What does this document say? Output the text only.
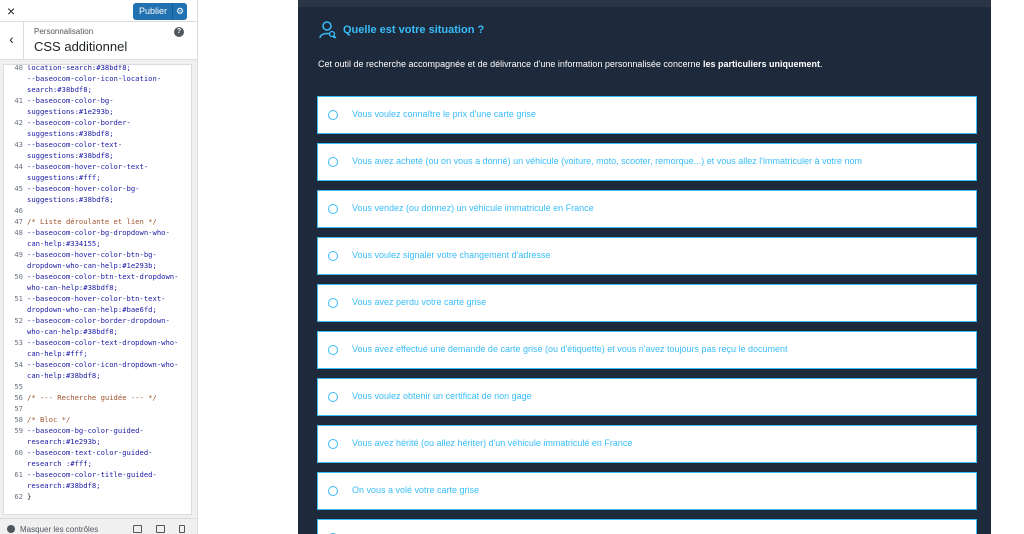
×	Publier ⚙
‹	Personnalisation
CSS additionnel
?
40 location-search:#38bdf8;
--baseocom-color-icon-location-
search:#38bdf8;
41 --baseocom-color-bg-
suggestions:#1e293b;
42 --baseocom-color-border-
suggestions:#38bdf8;
43 --baseocom-color-text-
suggestions:#38bdf8;
44 --baseocom-hover-color-text-
suggestions:#fff;
45 --baseocom-hover-color-bg-
suggestions:#38bdf8;
46
47 /* Liste déroulante et lien */
48 --baseocom-color-bg-dropdown-who-
can-help:#334155;
49 --baseocom-hover-color-btn-bg-
dropdown-who-can-help:#1e293b;
50 --baseocom-color-btn-text-dropdown-
who-can-help:#38bdf8;
51 --baseocom-hover-color-btn-text-
dropdown-who-can-help:#bae6fd;
52 --baseocom-color-border-dropdown-
who-can-help:#38bdf8;
53 --baseocom-color-text-dropdown-who-
can-help:#fff;
54 --baseocom-color-icon-dropdown-who-
can-help:#38bdf8;
55
56 /* --- Recherche guidée --- */
57
58 /* Bloc */
59 --baseocom-bg-color-guided-
research:#1e293b;
60 --baseocom-text-color-guided-
research :#fff;
61 --baseocom-color-title-guided-
research:#38bdf8;
62 }
Masquer les contrôles
Quelle est votre situation ?
Cet outil de recherche accompagnée et de délivrance d'une information personnalisée concerne les particuliers uniquement.
Vous voulez connaître le prix d'une carte grise
Vous avez acheté (ou on vous a donné) un véhicule (voiture, moto, scooter, remorque...) et vous allez l'immatriculer à votre nom
Vous vendez (ou donnez) un véhicule immatriculé en France
Vous voulez signaler votre changement d'adresse
Vous avez perdu votre carte grise
Vous avez effectué une demande de carte grise (ou d'étiquette) et vous n'avez toujours pas reçu le document
Vous voulez obtenir un certificat de non gage
Vous avez hérité (ou allez hériter) d'un véhicule immatriculé en France
On vous a volé votre carte grise
